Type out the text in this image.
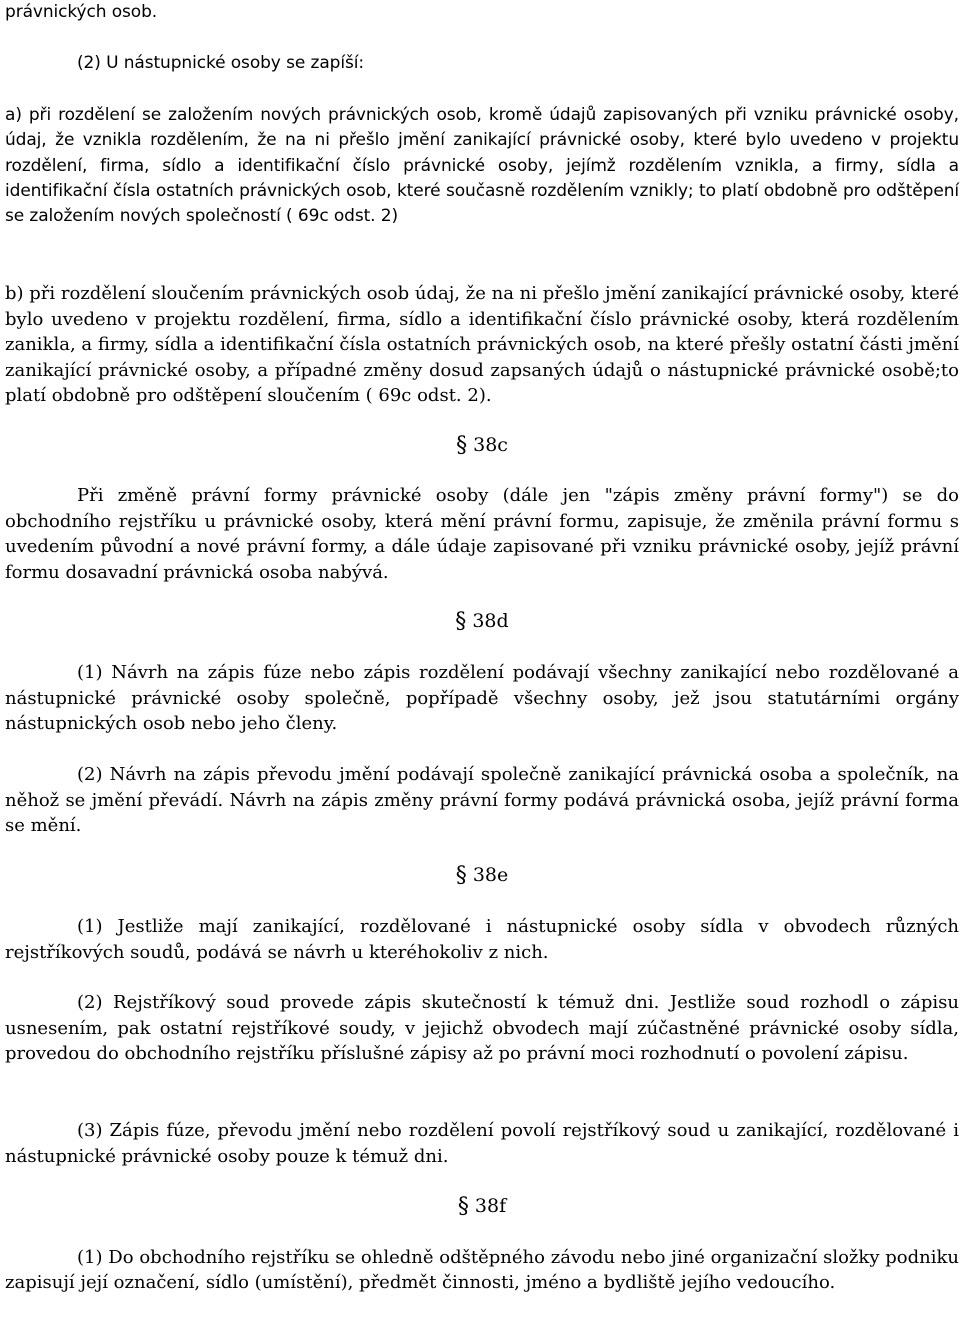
právnických osob.

(2) U nástupnické osoby se zapíší:

a) při rozdělení se založením nových právnických osob, kromě údajů zapisovaných při vzniku právnické osoby, údaj, že vznikla rozdělením, že na ni přešlo jmění zanikající právnické osoby, které bylo uvedeno v projektu rozdělení, firma, sídlo a identifikační číslo právnické osoby, jejímž rozdělením vznikla, a firmy, sídla a identifikační čísla ostatních právnických osob, které současně rozdělením vznikly; to platí obdobně pro odštěpení se založením nových společností ( 69c odst. 2)

b) při rozdělení sloučením právnických osob údaj, že na ni přešlo jmění zanikající právnické osoby, které bylo uvedeno v projektu rozdělení, firma, sídlo a identifikační číslo právnické osoby, která rozdělením zanikla, a firmy, sídla a identifikační čísla ostatních právnických osob, na které přešly ostatní části jmění zanikající právnické osoby, a případné změny dosud zapsaných údajů o nástupnické právnické osobě;to platí obdobně pro odštěpení sloučením ( 69c odst. 2).

§ 38c

Při změně právní formy právnické osoby (dále jen "zápis změny právní formy") se do obchodního rejstříku u právnické osoby, která mění právní formu, zapisuje, že změnila právní formu s uvedením původní a nové právní formy, a dále údaje zapisované při vzniku právnické osoby, jejíž právní formu dosavadní právnická osoba nabývá.

§ 38d

(1) Návrh na zápis fúze nebo zápis rozdělení podávají všechny zanikající nebo rozdělované a nástupnické právnické osoby společně, popřípadě všechny osoby, jež jsou statutárními orgány nástupnických osob nebo jeho členy.

(2) Návrh na zápis převodu jmění podávají společně zanikající právnická osoba a společník, na něhož se jmění převádí. Návrh na zápis změny právní formy podává právnická osoba, jejíž právní forma se mění.

§ 38e

(1) Jestliže mají zanikající, rozdělované i nástupnické osoby sídla v obvodech různých rejstříkových soudů, podává se návrh u kteréhokoliv z nich.

(2) Rejstříkový soud provede zápis skutečností k témuž dni. Jestliže soud rozhodl o zápisu usnesením, pak ostatní rejstříkové soudy, v jejichž obvodech mají zúčastněné právnické osoby sídla, provedou do obchodního rejstříku příslušné zápisy až po právní moci rozhodnutí o povolení zápisu.

(3) Zápis fúze, převodu jmění nebo rozdělení povolí rejstříkový soud u zanikající, rozdělované i nástupnické právnické osoby pouze k témuž dni.

§ 38f

(1) Do obchodního rejstříku se ohledně odštěpného závodu nebo jiné organizační složky podniku zapisují její označení, sídlo (umístění), předmět činnosti, jméno a bydliště jejího vedoucího.
